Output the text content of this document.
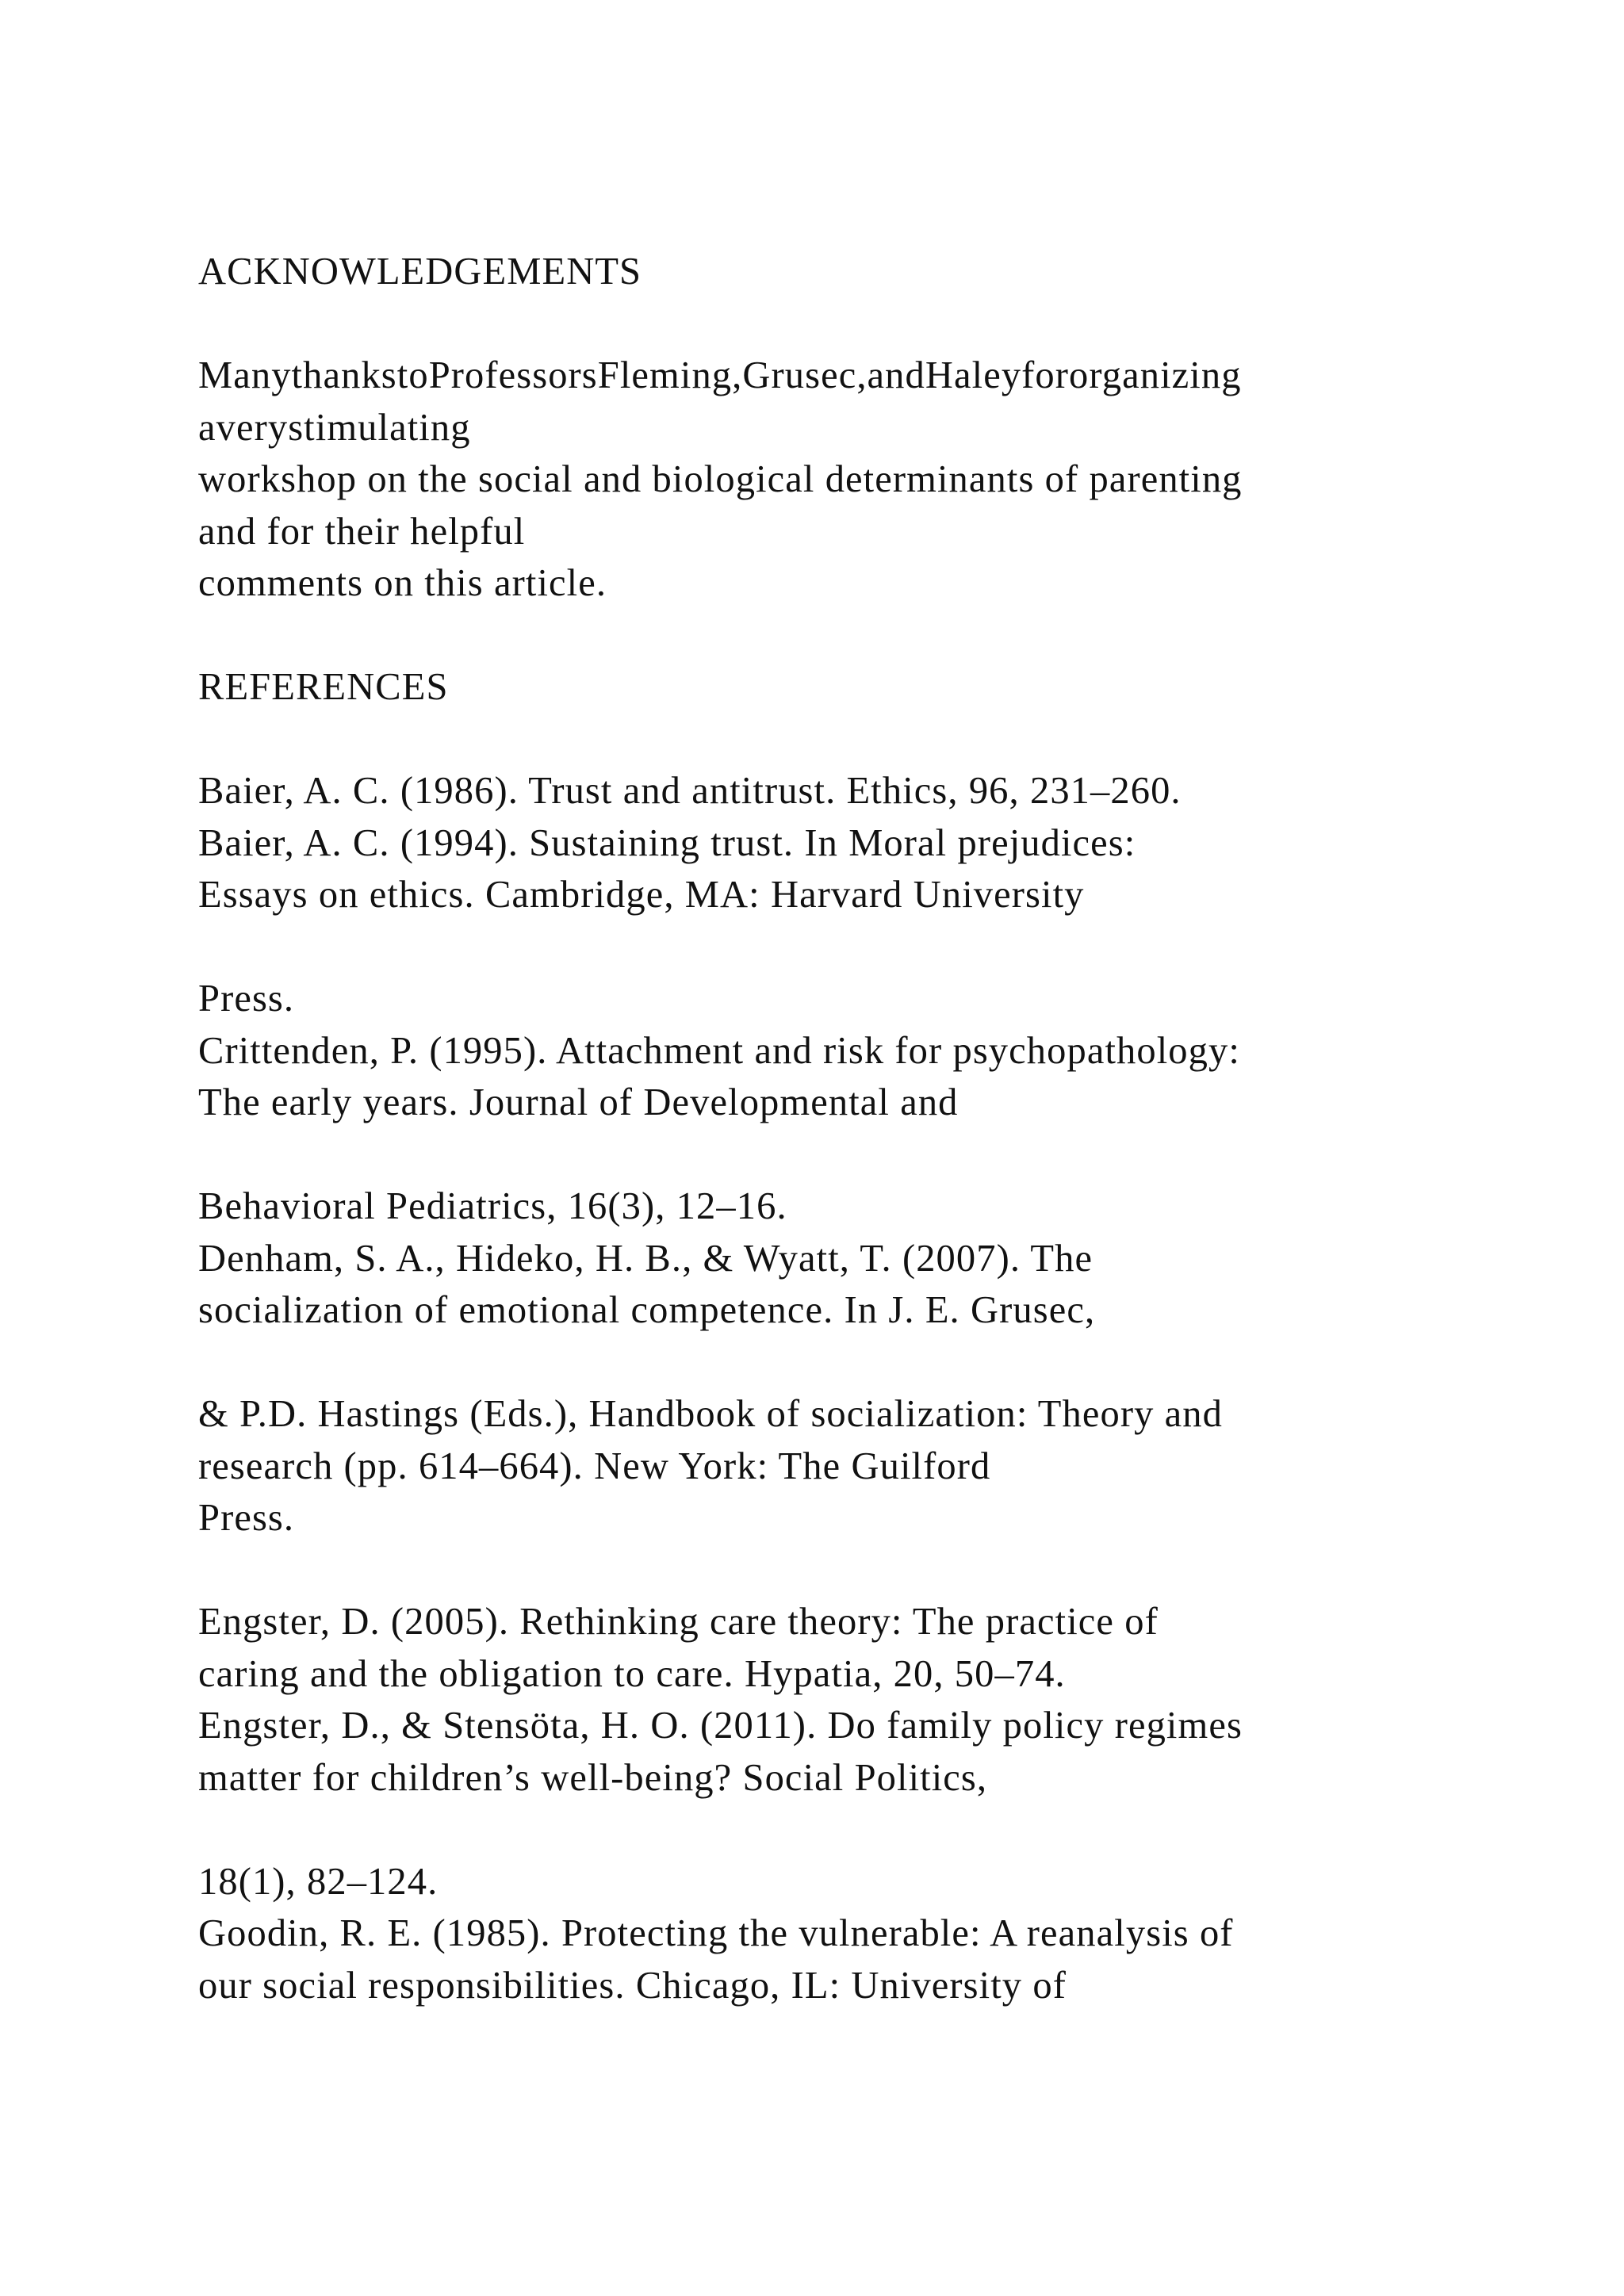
ACKNOWLEDGEMENTS
ManythankstoProfessorsFleming,Grusec,andHaleyfororganizing
averystimulating
workshop on the social and biological determinants of parenting
and for their helpful
comments on this article.
REFERENCES
Baier, A. C. (1986). Trust and antitrust. Ethics, 96, 231–260.
Baier, A. C. (1994). Sustaining trust. In Moral prejudices:
Essays on ethics. Cambridge, MA: Harvard University
Press.
Crittenden, P. (1995). Attachment and risk for psychopathology:
The early years. Journal of Developmental and
Behavioral Pediatrics, 16(3), 12–16.
Denham, S. A., Hideko, H. B., & Wyatt, T. (2007). The
socialization of emotional competence. In J. E. Grusec,
& P.D. Hastings (Eds.), Handbook of socialization: Theory and
research (pp. 614–664). New York: The Guilford
Press.
Engster, D. (2005). Rethinking care theory: The practice of
caring and the obligation to care. Hypatia, 20, 50–74.
Engster, D., & Stensöta, H. O. (2011). Do family policy regimes
matter for children’s well-being? Social Politics,
18(1), 82–124.
Goodin, R. E. (1985). Protecting the vulnerable: A reanalysis of
our social responsibilities. Chicago, IL: University of
